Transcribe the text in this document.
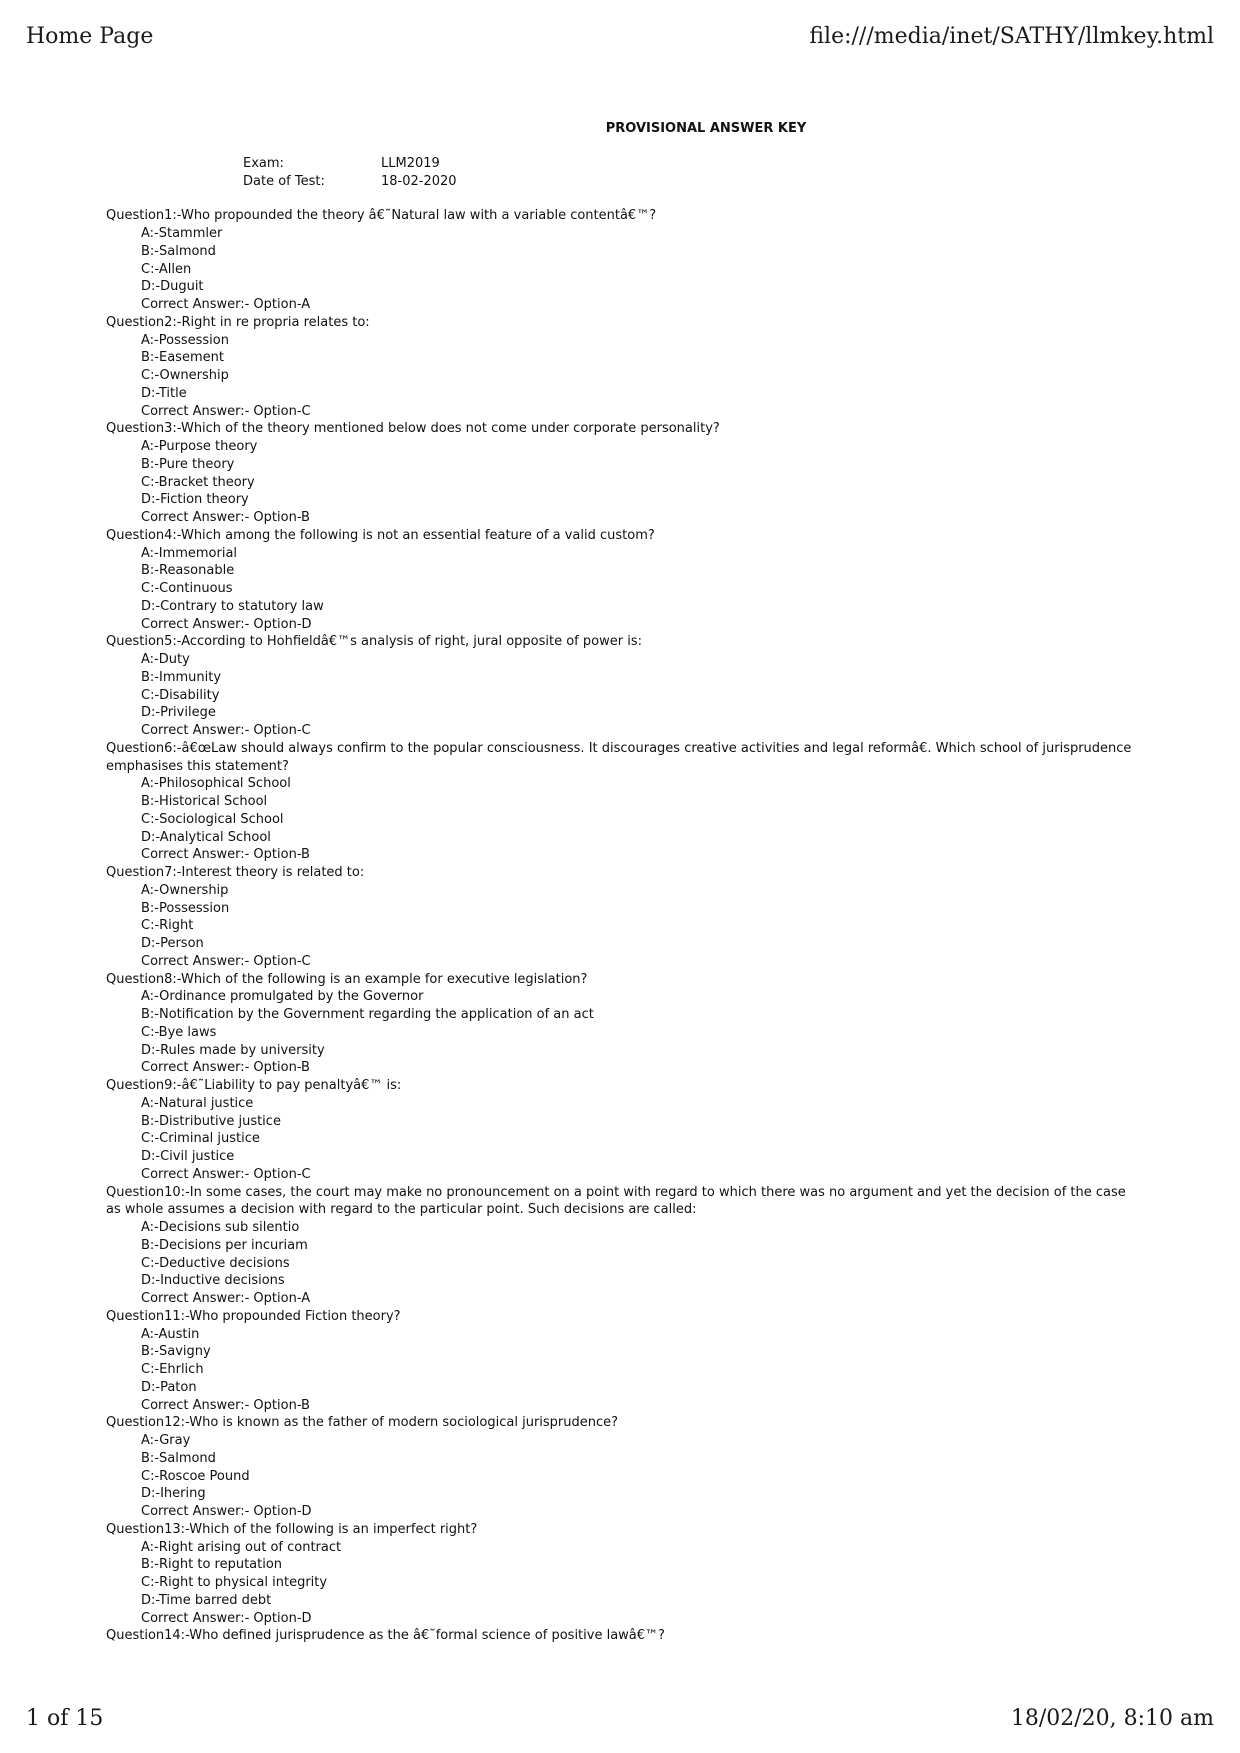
Home Page	file:///media/inet/SATHY/llmkey.html
PROVISIONAL ANSWER KEY
Exam:	LLM2019
Date of Test:	18-02-2020
Question1:-Who propounded the theory â€˜Natural law with a variable contentâ€™?
A:-Stammler
B:-Salmond
C:-Allen
D:-Duguit
Correct Answer:- Option-A
Question2:-Right in re propria relates to:
A:-Possession
B:-Easement
C:-Ownership
D:-Title
Correct Answer:- Option-C
Question3:-Which of the theory mentioned below does not come under corporate personality?
A:-Purpose theory
B:-Pure theory
C:-Bracket theory
D:-Fiction theory
Correct Answer:- Option-B
Question4:-Which among the following is not an essential feature of a valid custom?
A:-Immemorial
B:-Reasonable
C:-Continuous
D:-Contrary to statutory law
Correct Answer:- Option-D
Question5:-According to Hohfieldâ€™s analysis of right, jural opposite of power is:
A:-Duty
B:-Immunity
C:-Disability
D:-Privilege
Correct Answer:- Option-C
Question6:-â€œLaw should always confirm to the popular consciousness. It discourages creative activities and legal reformâ€. Which school of jurisprudence emphasises this statement?
A:-Philosophical School
B:-Historical School
C:-Sociological School
D:-Analytical School
Correct Answer:- Option-B
Question7:-Interest theory is related to:
A:-Ownership
B:-Possession
C:-Right
D:-Person
Correct Answer:- Option-C
Question8:-Which of the following is an example for executive legislation?
A:-Ordinance promulgated by the Governor
B:-Notification by the Government regarding the application of an act
C:-Bye laws
D:-Rules made by university
Correct Answer:- Option-B
Question9:-â€˜Liability to pay penaltyâ€™ is:
A:-Natural justice
B:-Distributive justice
C:-Criminal justice
D:-Civil justice
Correct Answer:- Option-C
Question10:-In some cases, the court may make no pronouncement on a point with regard to which there was no argument and yet the decision of the case as whole assumes a decision with regard to the particular point. Such decisions are called:
A:-Decisions sub silentio
B:-Decisions per incuriam
C:-Deductive decisions
D:-Inductive decisions
Correct Answer:- Option-A
Question11:-Who propounded Fiction theory?
A:-Austin
B:-Savigny
C:-Ehrlich
D:-Paton
Correct Answer:- Option-B
Question12:-Who is known as the father of modern sociological jurisprudence?
A:-Gray
B:-Salmond
C:-Roscoe Pound
D:-Ihering
Correct Answer:- Option-D
Question13:-Which of the following is an imperfect right?
A:-Right arising out of contract
B:-Right to reputation
C:-Right to physical integrity
D:-Time barred debt
Correct Answer:- Option-D
Question14:-Who defined jurisprudence as the â€˜formal science of positive lawâ€™?
1 of 15	18/02/20, 8:10 am
